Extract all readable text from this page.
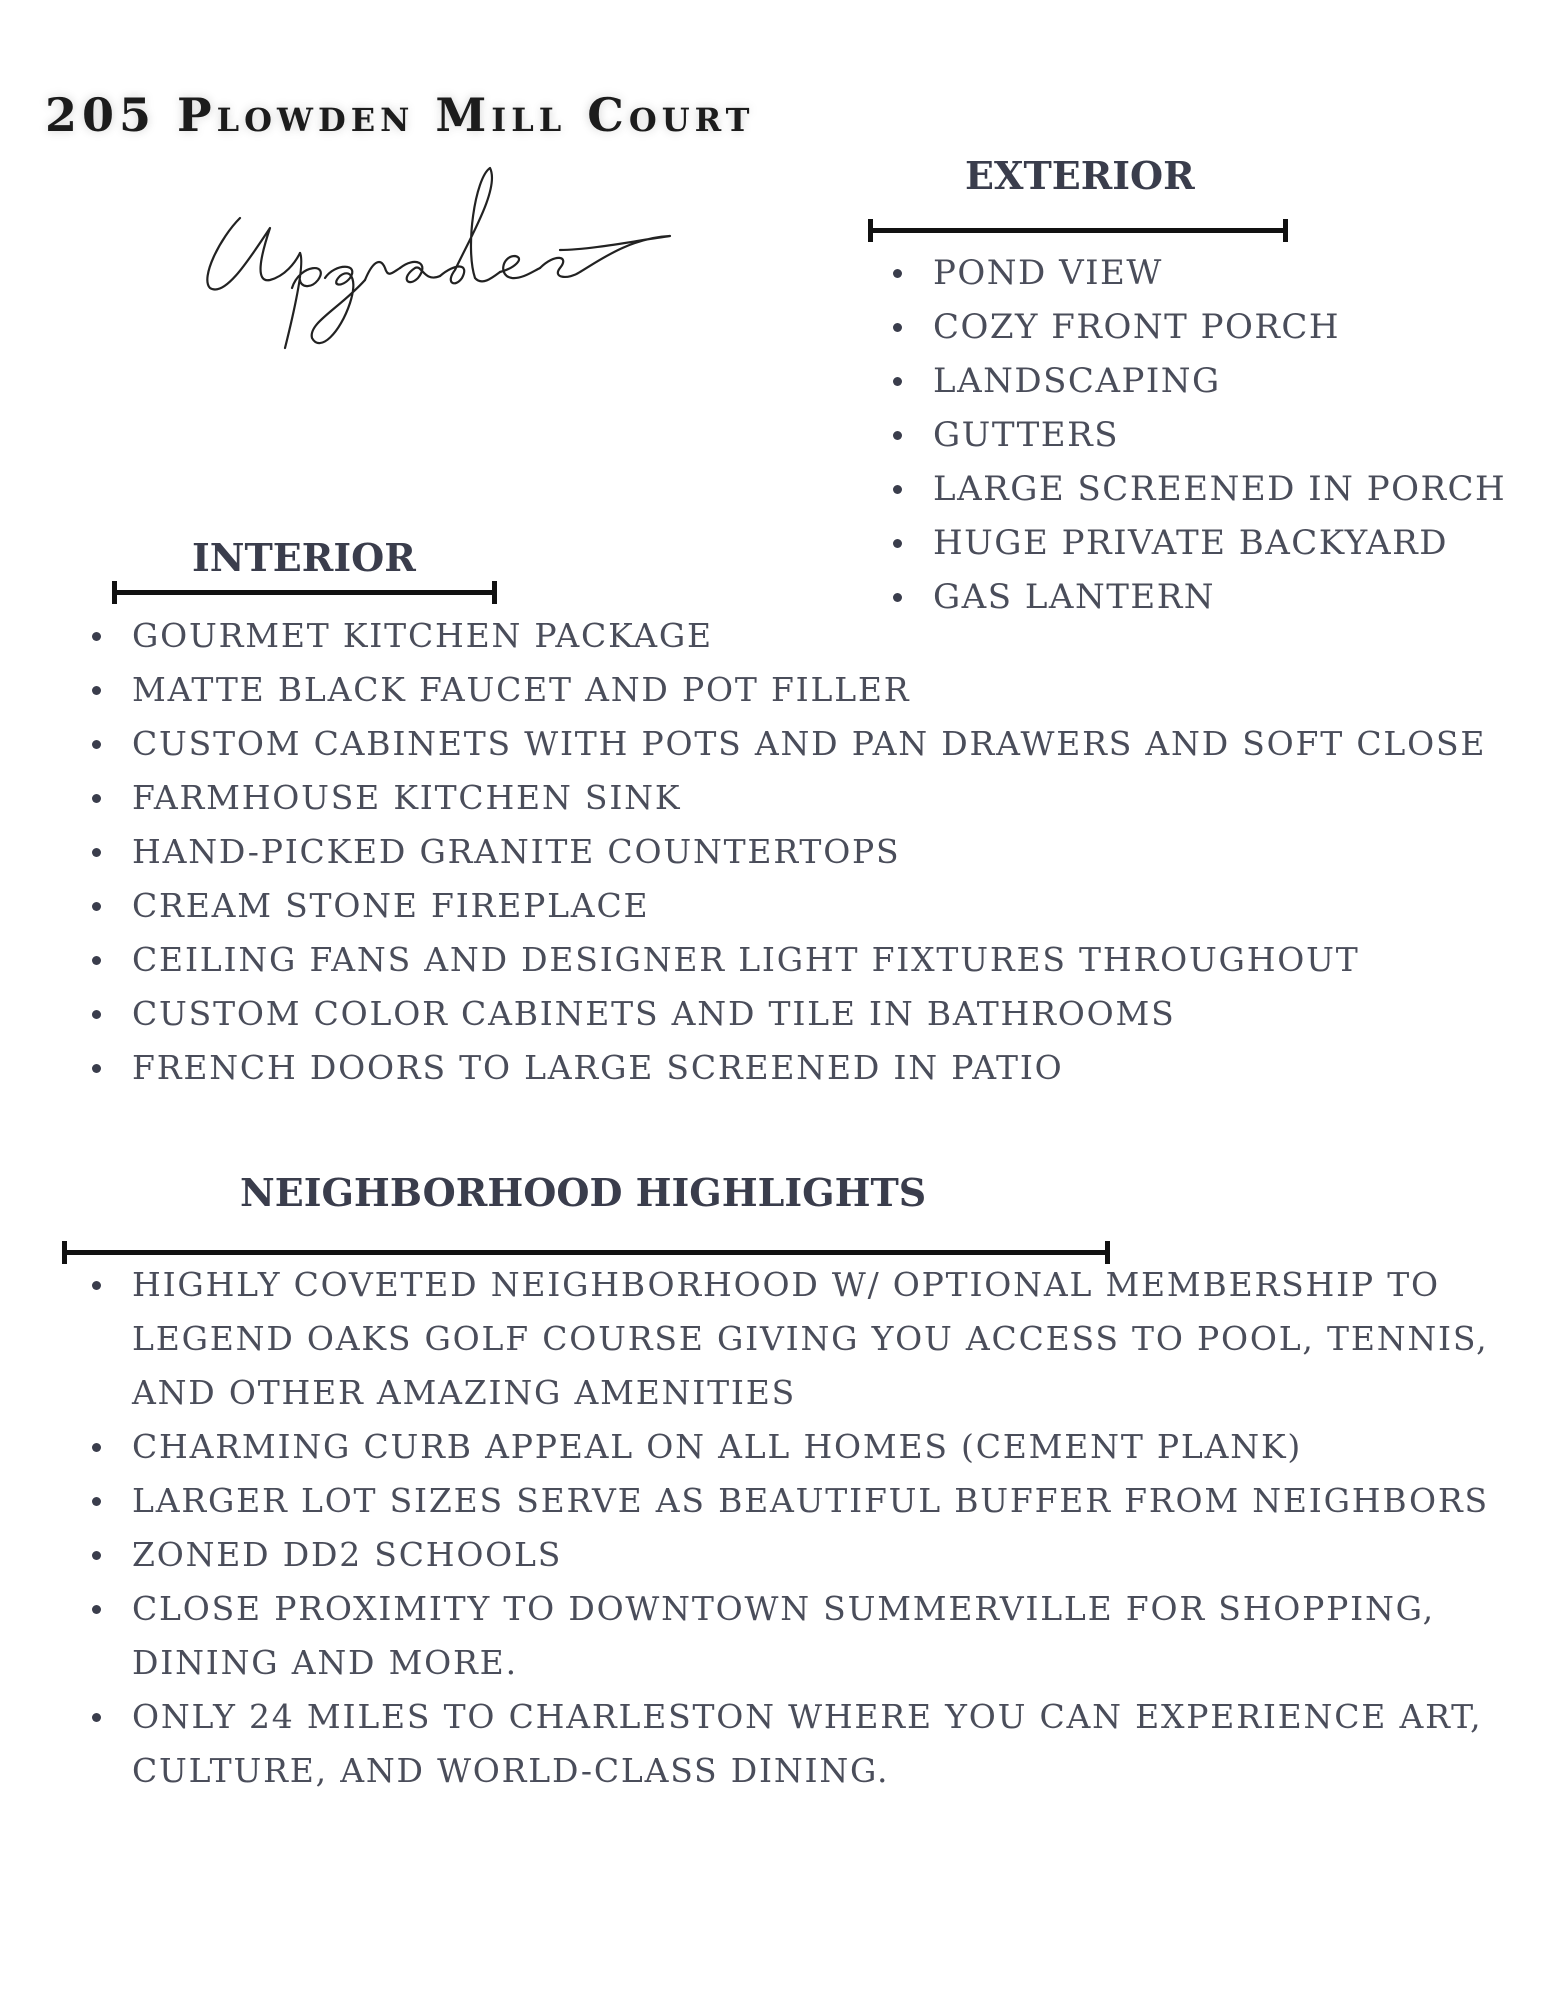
205 Plowden Mill Court
EXTERIOR
POND VIEW
COZY FRONT PORCH
LANDSCAPING
GUTTERS
LARGE SCREENED IN PORCH
HUGE PRIVATE BACKYARD
GAS LANTERN
INTERIOR
GOURMET KITCHEN PACKAGE
MATTE BLACK FAUCET AND POT FILLER
CUSTOM CABINETS WITH POTS AND PAN DRAWERS AND SOFT CLOSE
FARMHOUSE KITCHEN SINK
HAND-PICKED GRANITE COUNTERTOPS
CREAM STONE FIREPLACE
CEILING FANS AND DESIGNER LIGHT FIXTURES THROUGHOUT
CUSTOM COLOR CABINETS AND TILE IN BATHROOMS
FRENCH DOORS TO LARGE SCREENED IN PATIO
NEIGHBORHOOD HIGHLIGHTS
HIGHLY COVETED NEIGHBORHOOD W/ OPTIONAL MEMBERSHIP TO LEGEND OAKS GOLF COURSE GIVING YOU ACCESS TO POOL, TENNIS, AND OTHER AMAZING AMENITIES
CHARMING CURB APPEAL ON ALL HOMES (CEMENT PLANK)
LARGER LOT SIZES SERVE AS BEAUTIFUL BUFFER FROM NEIGHBORS
ZONED DD2 SCHOOLS
CLOSE PROXIMITY TO DOWNTOWN SUMMERVILLE FOR SHOPPING, DINING AND MORE.
ONLY 24 MILES TO CHARLESTON WHERE YOU CAN EXPERIENCE ART, CULTURE, AND WORLD-CLASS DINING.
